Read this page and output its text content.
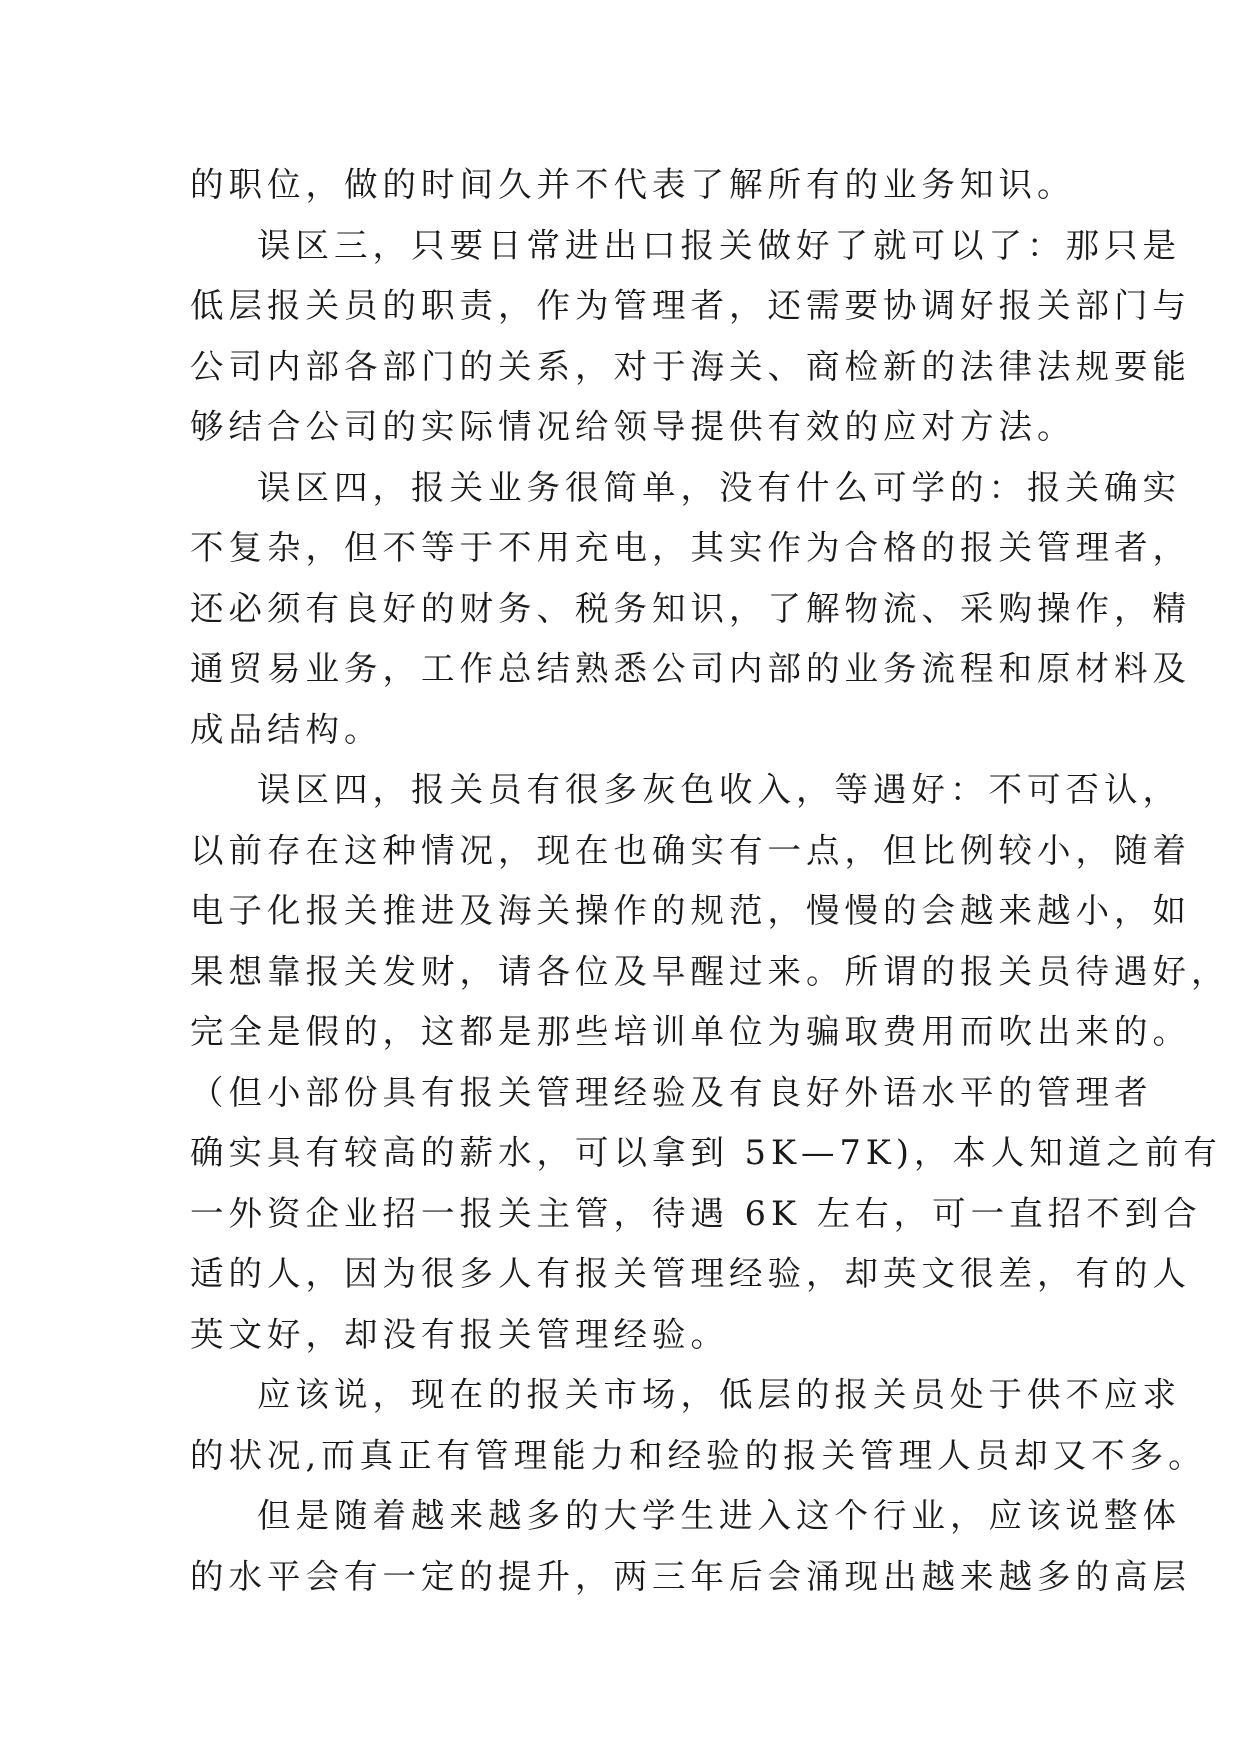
的职位，做的时间久并不代表了解所有的业务知识。
误区三，只要日常进出口报关做好了就可以了：那只是
低层报关员的职责，作为管理者，还需要协调好报关部门与
公司内部各部门的关系，对于海关、商检新的法律法规要能
够结合公司的实际情况给领导提供有效的应对方法。
误区四，报关业务很简单，没有什么可学的：报关确实
不复杂，但不等于不用充电，其实作为合格的报关管理者，
还必须有良好的财务、税务知识，了解物流、采购操作，精
通贸易业务，工作总结熟悉公司内部的业务流程和原材料及
成品结构。
误区四，报关员有很多灰色收入，等遇好：不可否认，
以前存在这种情况，现在也确实有一点，但比例较小，随着
电子化报关推进及海关操作的规范，慢慢的会越来越小，如
果想靠报关发财，请各位及早醒过来。所谓的报关员待遇好，
完全是假的，这都是那些培训单位为骗取费用而吹出来的。
（但小部份具有报关管理经验及有良好外语水平的管理者
确实具有较高的薪水，可以拿到 5K—7K)，本人知道之前有
一外资企业招一报关主管，待遇 6K 左右，可一直招不到合
适的人，因为很多人有报关管理经验，却英文很差，有的人
英文好，却没有报关管理经验。
应该说，现在的报关市场，低层的报关员处于供不应求
的状况,而真正有管理能力和经验的报关管理人员却又不多。
但是随着越来越多的大学生进入这个行业，应该说整体
的水平会有一定的提升，两三年后会涌现出越来越多的高层
